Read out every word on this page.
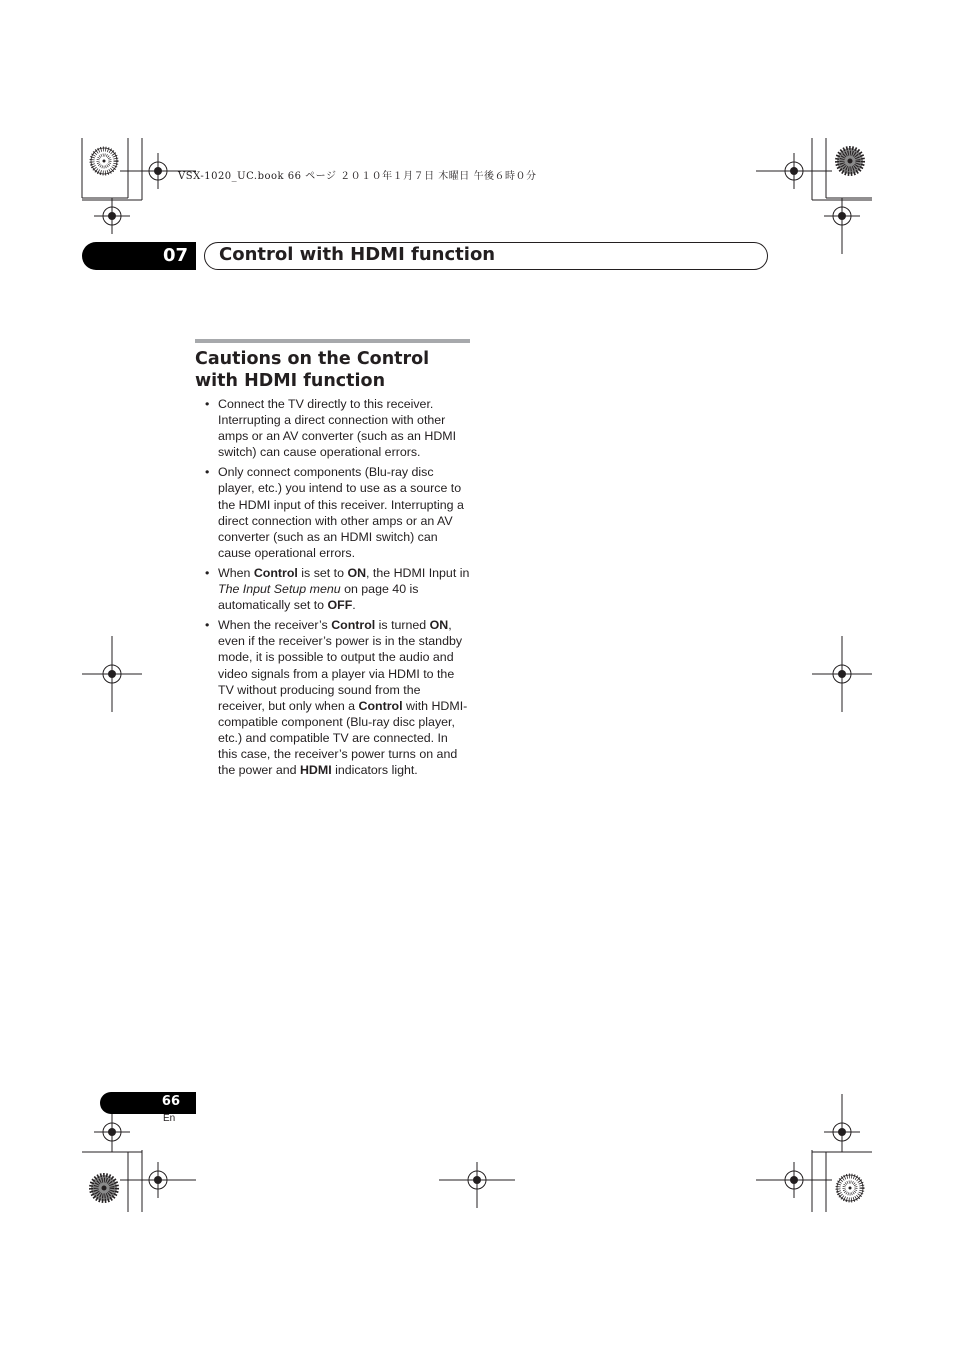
VSX-1020_UC.book 66 ページ ２０１０年１月７日 木曜日 午後６時０分
07 Control with HDMI function
Cautions on the Control with HDMI function
• Connect the TV directly to this receiver. Interrupting a direct connection with other amps or an AV converter (such as an HDMI switch) can cause operational errors.
• Only connect components (Blu-ray disc player, etc.) you intend to use as a source to the HDMI input of this receiver. Interrupting a direct connection with other amps or an AV converter (such as an HDMI switch) can cause operational errors.
• When Control is set to ON, the HDMI Input in The Input Setup menu on page 40 is automatically set to OFF.
• When the receiver’s Control is turned ON, even if the receiver’s power is in the standby mode, it is possible to output the audio and video signals from a player via HDMI to the TV without producing sound from the receiver, but only when a Control with HDMI-compatible component (Blu-ray disc player, etc.) and compatible TV are connected. In this case, the receiver’s power turns on and the power and HDMI indicators light.
66
En
